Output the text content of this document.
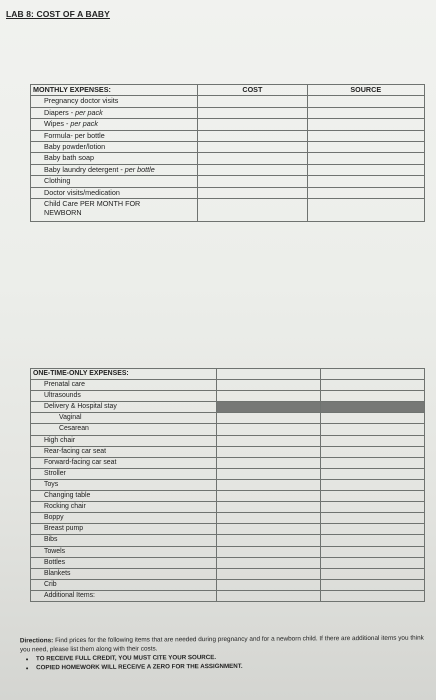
LAB 8: COST OF A BABY
MONTHLY EXPENSES:	COST	SOURCE
Pregnancy doctor visits		
Diapers - per pack		
Wipes - per pack		
Formula- per bottle		
Baby powder/lotion		
Baby bath soap		
Baby laundry detergent - per bottle		
Clothing		
Doctor visits/medication		

Child Care PER MONTH FOR
NEWBORN		

ONE-TIME-ONLY EXPENSES:		
Prenatal care		
Ultrasounds		
Delivery & Hospital stay		
Vaginal		
Cesarean		
High chair		
Rear-facing car seat		
Forward-facing car seat		
Stroller		
Toys		
Changing table		
Rocking chair		
Boppy		
Breast pump		
Bibs		
Towels		
Bottles		
Blankets		
Crib		
Additional Items:		
Directions: Find prices for the following items that are needed during pregnancy and for a newborn child. If there are additional items you think you need, please list them along with their costs.
• TO RECEIVE FULL CREDIT, YOU MUST CITE YOUR SOURCE.
• COPIED HOMEWORK WILL RECEIVE A ZERO FOR THE ASSIGNMENT.
